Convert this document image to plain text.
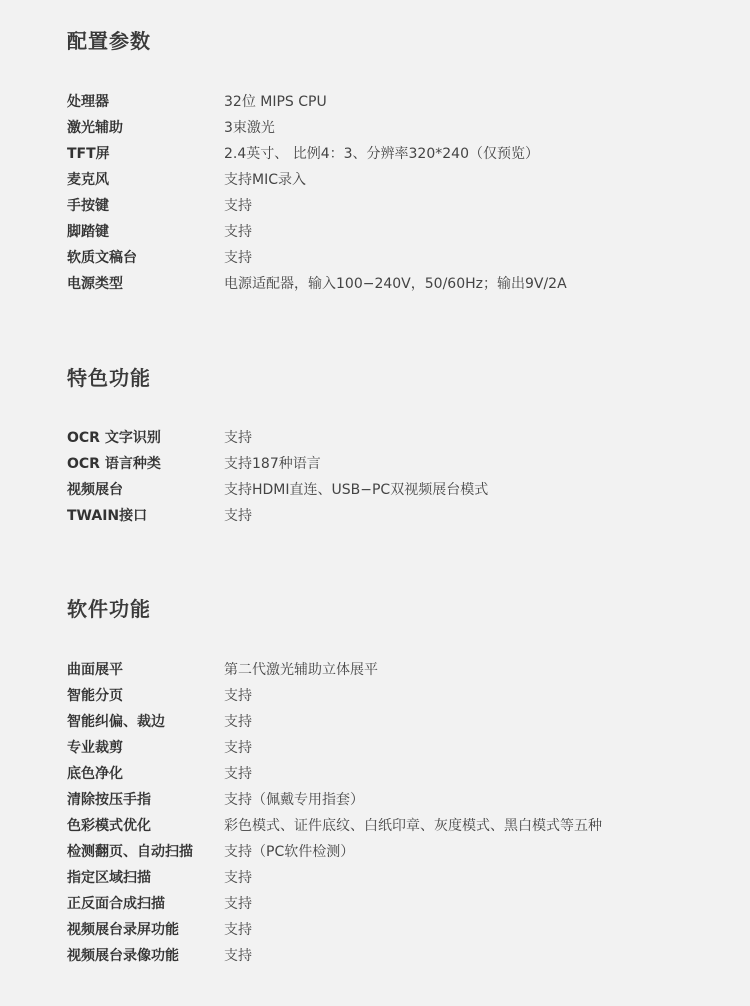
配置参数
处理器	32位 MIPS CPU
激光辅助	3束激光
TFT屏	2.4英寸、 比例4：3、分辨率320*240（仅预览）
麦克风	支持MIC录入
手按键	支持
脚踏键	支持
软质文稿台	支持
电源类型	电源适配器，输入100−240V，50/60Hz；输出9V/2A
特色功能
OCR 文字识别	支持
OCR 语言种类	支持187种语言
视频展台	支持HDMI直连、USB−PC双视频展台模式
TWAIN接口	支持
软件功能
曲面展平	第二代激光辅助立体展平
智能分页	支持
智能纠偏、裁边	支持
专业裁剪	支持
底色净化	支持
清除按压手指	支持（佩戴专用指套）
色彩模式优化	彩色模式、证件底纹、白纸印章、灰度模式、黑白模式等五种
检测翻页、自动扫描	支持（PC软件检测）
指定区域扫描	支持
正反面合成扫描	支持
视频展台录屏功能	支持
视频展台录像功能	支持
